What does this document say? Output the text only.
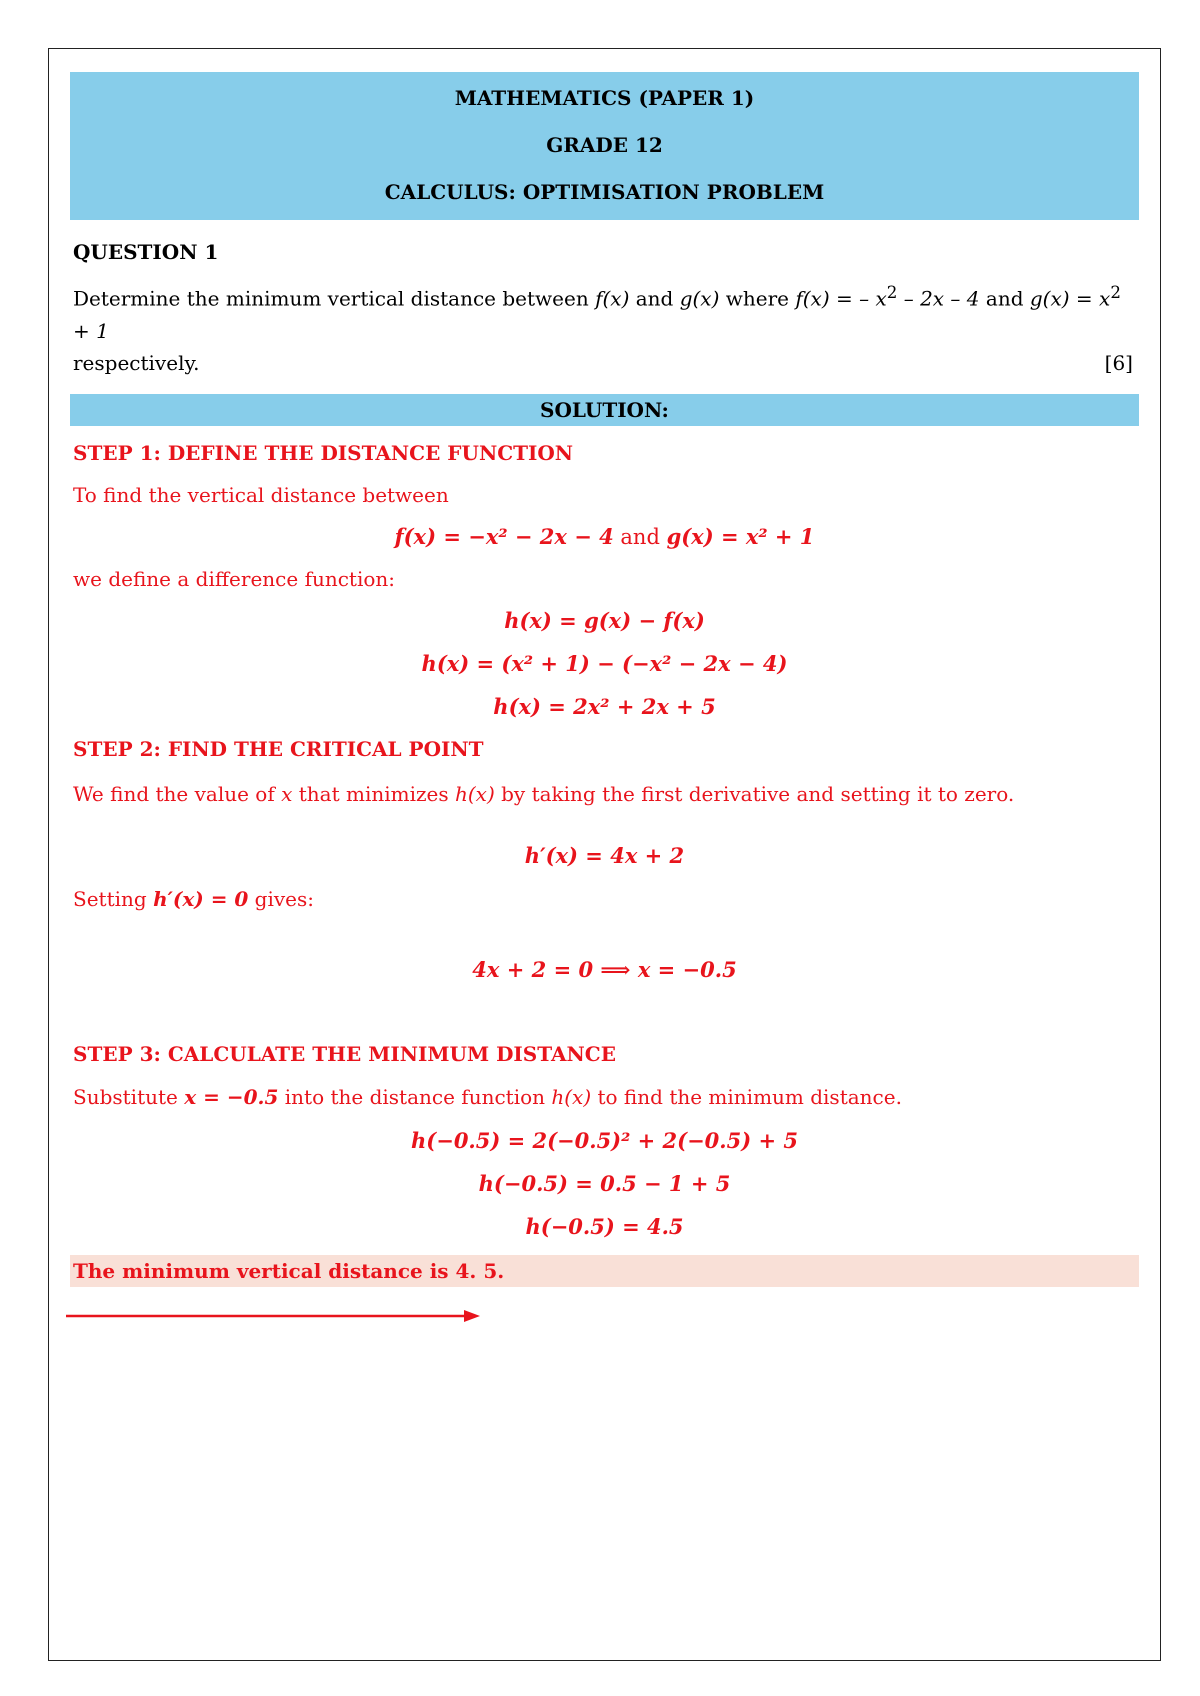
MATHEMATICS (PAPER 1)
GRADE 12
CALCULUS: OPTIMISATION PROBLEM
QUESTION 1
Determine the minimum vertical distance between f(x) and g(x) where f(x) = – $x^2 - 2x - 4$ and $g(x) = x^2 + 1$
respectively.	[6]
SOLUTION:
STEP 1: DEFINE THE DISTANCE FUNCTION
To find the vertical distance between
f(x) = −x² − 2x − 4 and g(x) = x² + 1
we define a difference function:
h(x) = g(x) − f(x)
h(x) = (x² + 1) − (−x² − 2x − 4)
h(x) = 2x² + 2x + 5
STEP 2: FIND THE CRITICAL POINT
We find the value of x that minimizes h(x) by taking the first derivative and setting it to zero.
h′(x) = 4x + 2
Setting h′(x) = 0 gives:
4x + 2 = 0 ⟹ x = −0.5
STEP 3: CALCULATE THE MINIMUM DISTANCE
Substitute x = −0.5 into the distance function h(x) to find the minimum distance.
h(−0.5) = 2(−0.5)² + 2(−0.5) + 5
h(−0.5) = 0.5 − 1 + 5
h(−0.5) = 4.5
The minimum vertical distance is 4. 5.
